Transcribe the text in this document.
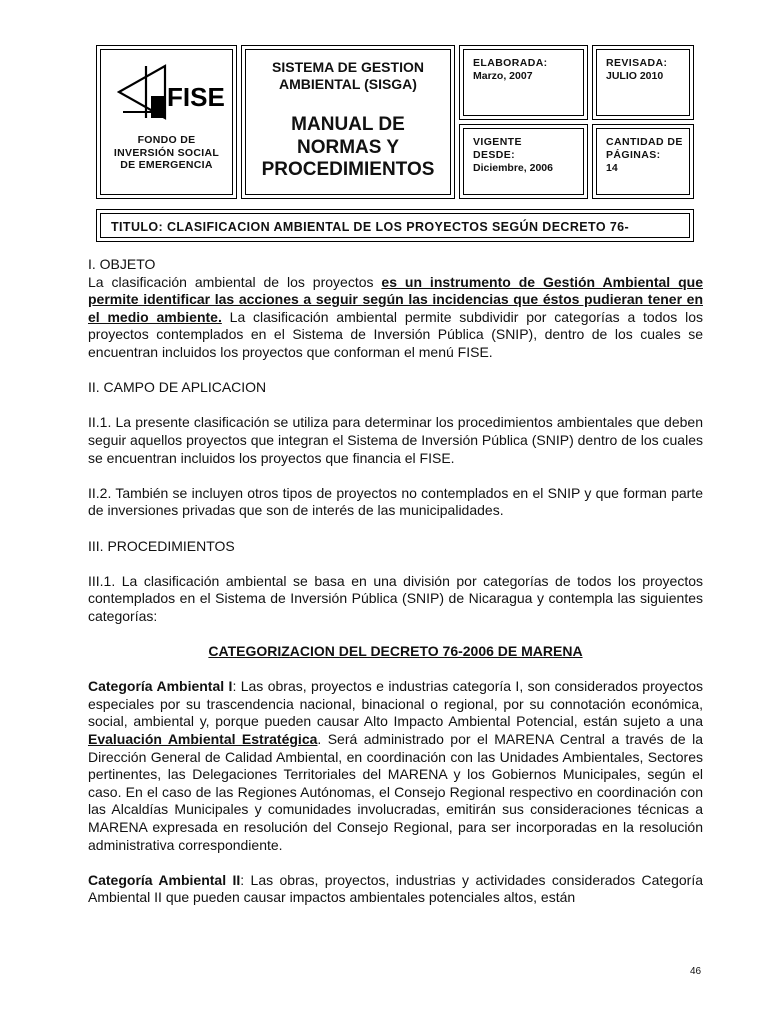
FISE
FONDO DE
INVERSIÓN SOCIAL
DE EMERGENCIA
SISTEMA DE GESTION
AMBIENTAL (SISGA)
MANUAL DE
NORMAS Y
PROCEDIMIENTOS
ELABORADA:
Marzo, 2007
REVISADA:
JULIO 2010
VIGENTE
DESDE:
Diciembre, 2006
CANTIDAD DE
PÁGINAS:
14
TITULO: CLASIFICACION AMBIENTAL DE LOS PROYECTOS SEGÚN DECRETO 76-

I. OBJETO

La clasificación ambiental de los proyectos es un instrumento de Gestión Ambiental que permite identificar las acciones a seguir según las incidencias que éstos pudieran tener en el medio ambiente. La clasificación ambiental permite subdividir por categorías a todos los proyectos contemplados en el Sistema de Inversión Pública (SNIP), dentro de los cuales se encuentran incluidos los proyectos que conforman el menú FISE.

II. CAMPO DE APLICACION

II.1. La presente clasificación se utiliza para determinar los procedimientos ambientales que deben seguir aquellos proyectos que integran el Sistema de Inversión Pública (SNIP) dentro de los cuales se encuentran incluidos los proyectos que financia el FISE.

II.2. También se incluyen otros tipos de proyectos no contemplados en el SNIP y que forman parte de inversiones privadas que son de interés de las municipalidades.

III. PROCEDIMIENTOS

III.1. La clasificación ambiental se basa en una división por categorías de todos los proyectos contemplados en el Sistema de Inversión Pública (SNIP) de Nicaragua y contempla las siguientes categorías:

CATEGORIZACION DEL DECRETO 76-2006 DE MARENA

Categoría Ambiental I: Las obras, proyectos e industrias categoría I, son considerados proyectos especiales por su trascendencia nacional, binacional o regional, por su connotación económica, social, ambiental y, porque pueden causar Alto Impacto Ambiental Potencial, están sujeto a una Evaluación Ambiental Estratégica. Será administrado por el MARENA Central a través de la Dirección General de Calidad Ambiental, en coordinación con las Unidades Ambientales, Sectores pertinentes, las Delegaciones Territoriales del MARENA y los Gobiernos Municipales, según el caso. En el caso de las Regiones Autónomas, el Consejo Regional respectivo en coordinación con las Alcaldías Municipales y comunidades involucradas, emitirán sus consideraciones técnicas a MARENA expresada en resolución del Consejo Regional, para ser incorporadas en la resolución administrativa correspondiente.

Categoría Ambiental II: Las obras, proyectos, industrias y actividades considerados Categoría Ambiental II que pueden causar impactos ambientales potenciales altos, están

46
